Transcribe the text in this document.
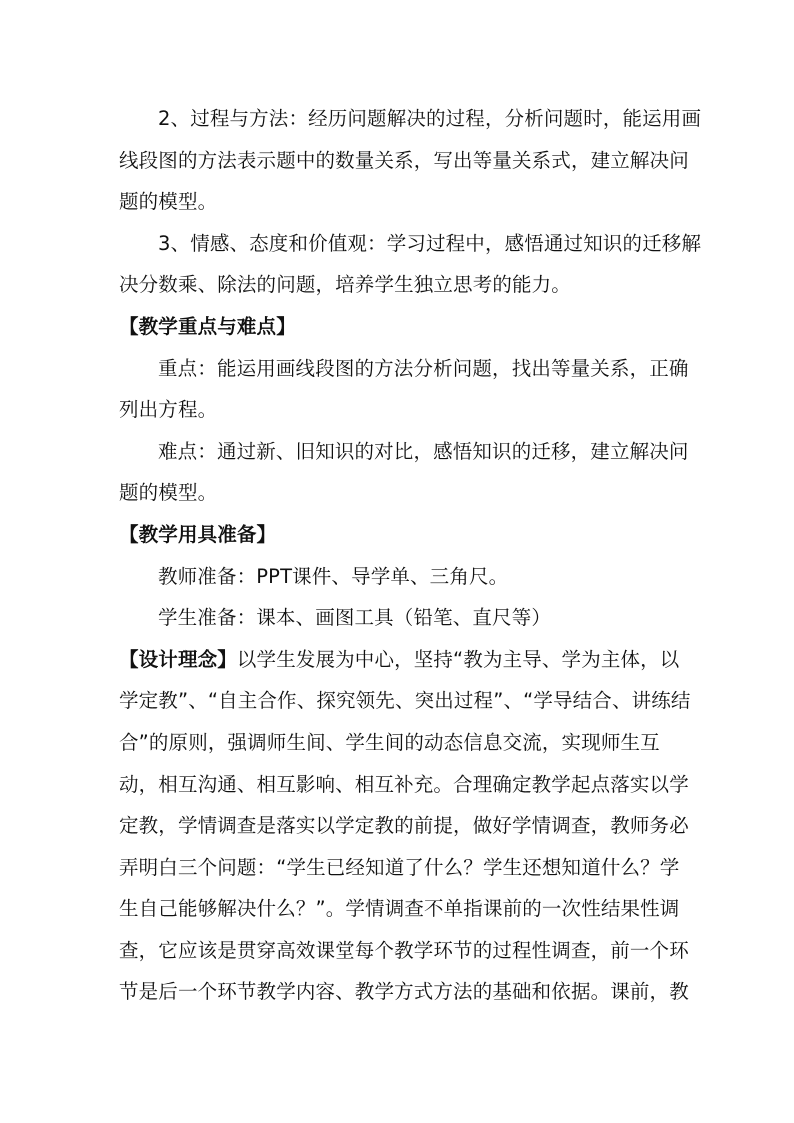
2、过程与方法：经历问题解决的过程，分析问题时，能运用画
线段图的方法表示题中的数量关系，写出等量关系式，建立解决问
题的模型。
3、情感、态度和价值观：学习过程中，感悟通过知识的迁移解
决分数乘、除法的问题，培养学生独立思考的能力。
【教学重点与难点】
重点：能运用画线段图的方法分析问题，找出等量关系，正确
列出方程。
难点：通过新、旧知识的对比，感悟知识的迁移，建立解决问
题的模型。
【教学用具准备】
教师准备：PPT课件、导学单、三角尺。
学生准备：课本、画图工具（铅笔、直尺等）
【设计理念】以学生发展为中心，坚持“教为主导、学为主体，以
学定教”、“自主合作、探究领先、突出过程”、“学导结合、讲练结
合”的原则，强调师生间、学生间的动态信息交流，实现师生互
动，相互沟通、相互影响、相互补充。合理确定教学起点落实以学
定教，学情调查是落实以学定教的前提，做好学情调查，教师务必
弄明白三个问题：“学生已经知道了什么？学生还想知道什么？学
生自己能够解决什么？”。学情调查不单指课前的一次性结果性调
查，它应该是贯穿高效课堂每个教学环节的过程性调查，前一个环
节是后一个环节教学内容、教学方式方法的基础和依据。课前，教
